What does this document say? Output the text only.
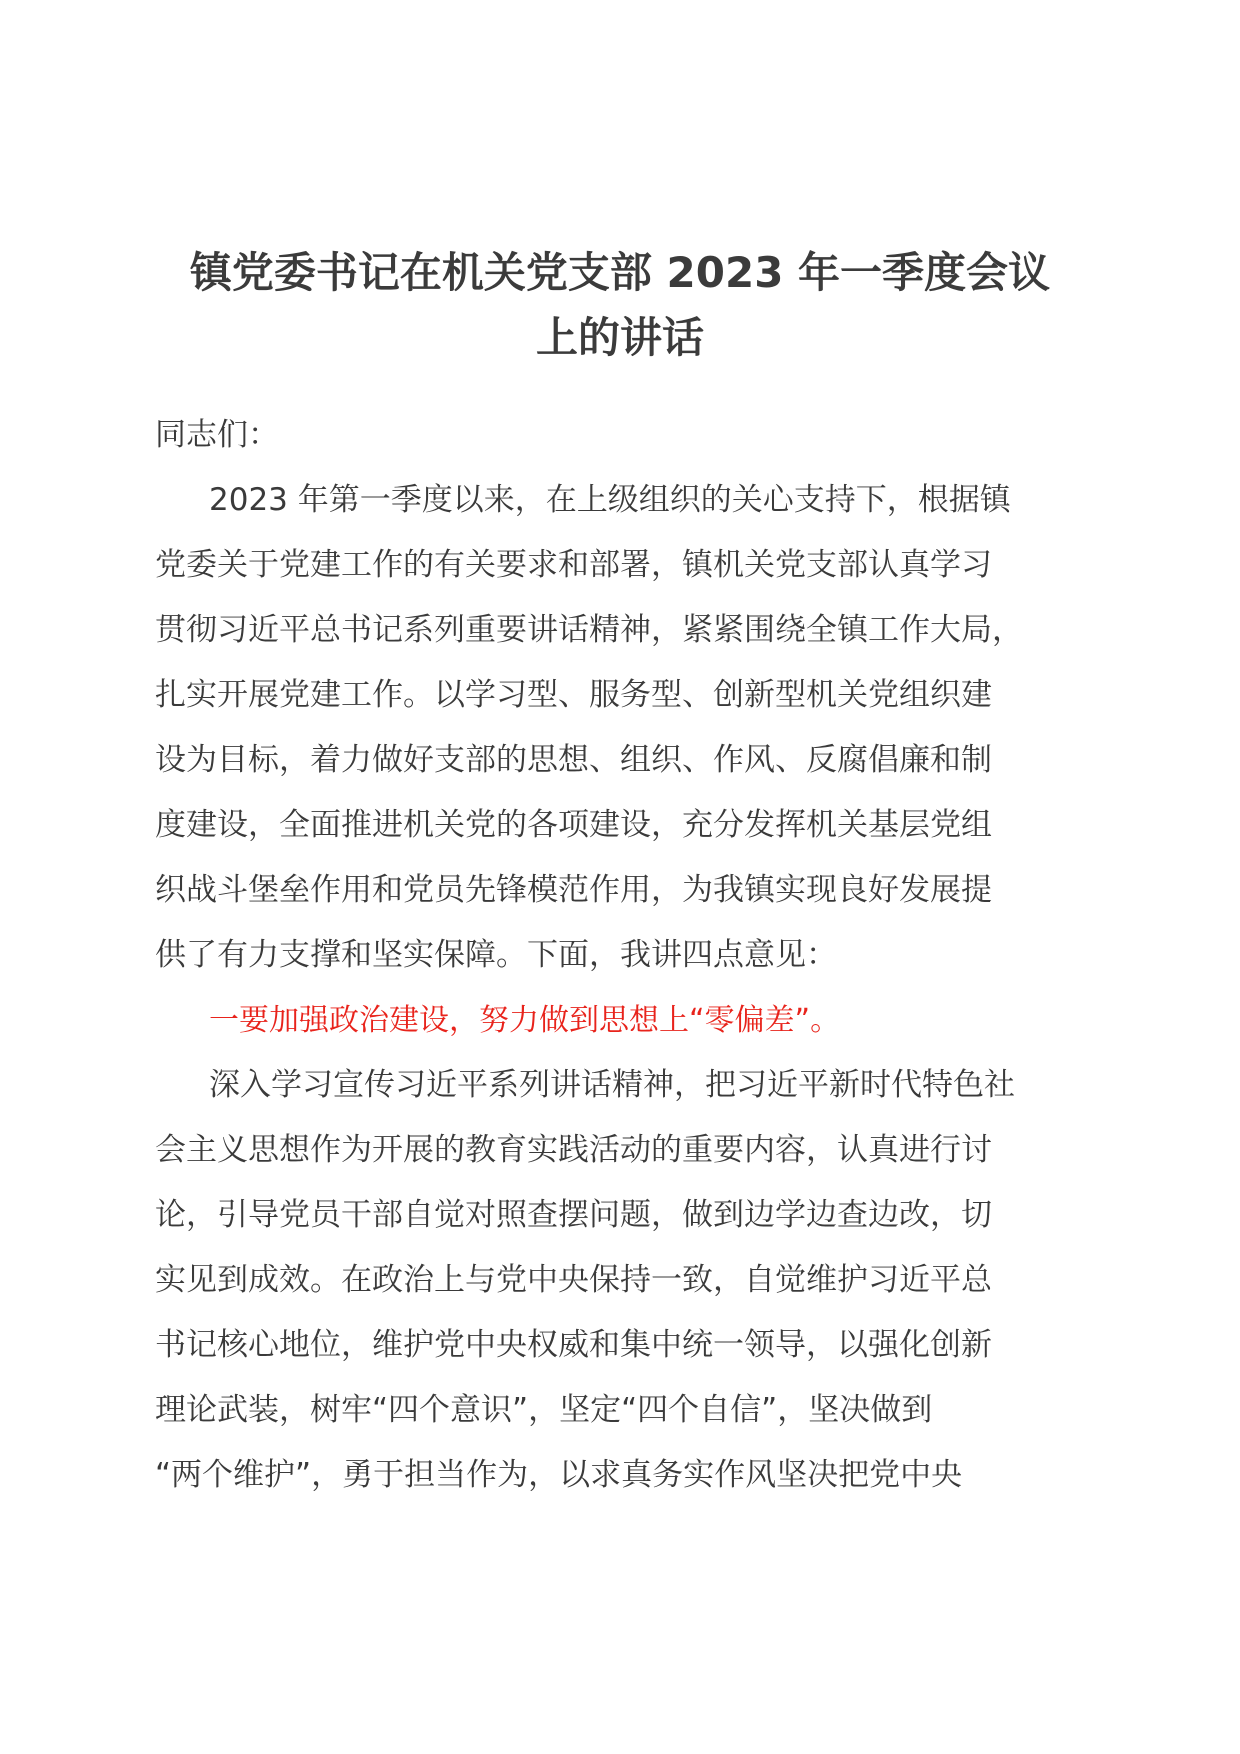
镇党委书记在机关党支部 2023 年一季度会议
上的讲话
同志们：

2023 年第一季度以来，在上级组织的关心支持下，根据镇
党委关于党建工作的有关要求和部署，镇机关党支部认真学习
贯彻习近平总书记系列重要讲话精神，紧紧围绕全镇工作大局，
扎实开展党建工作。以学习型、服务型、创新型机关党组织建
设为目标，着力做好支部的思想、组织、作风、反腐倡廉和制
度建设，全面推进机关党的各项建设，充分发挥机关基层党组
织战斗堡垒作用和党员先锋模范作用，为我镇实现良好发展提
供了有力支撑和坚实保障。下面，我讲四点意见：

一要加强政治建设，努力做到思想上“零偏差”。

深入学习宣传习近平系列讲话精神，把习近平新时代特色社
会主义思想作为开展的教育实践活动的重要内容，认真进行讨
论，引导党员干部自觉对照查摆问题，做到边学边查边改，切
实见到成效。在政治上与党中央保持一致，自觉维护习近平总
书记核心地位，维护党中央权威和集中统一领导，以强化创新
理论武装，树牢“四个意识”，坚定“四个自信”，坚决做到
“两个维护”，勇于担当作为，以求真务实作风坚决把党中央
